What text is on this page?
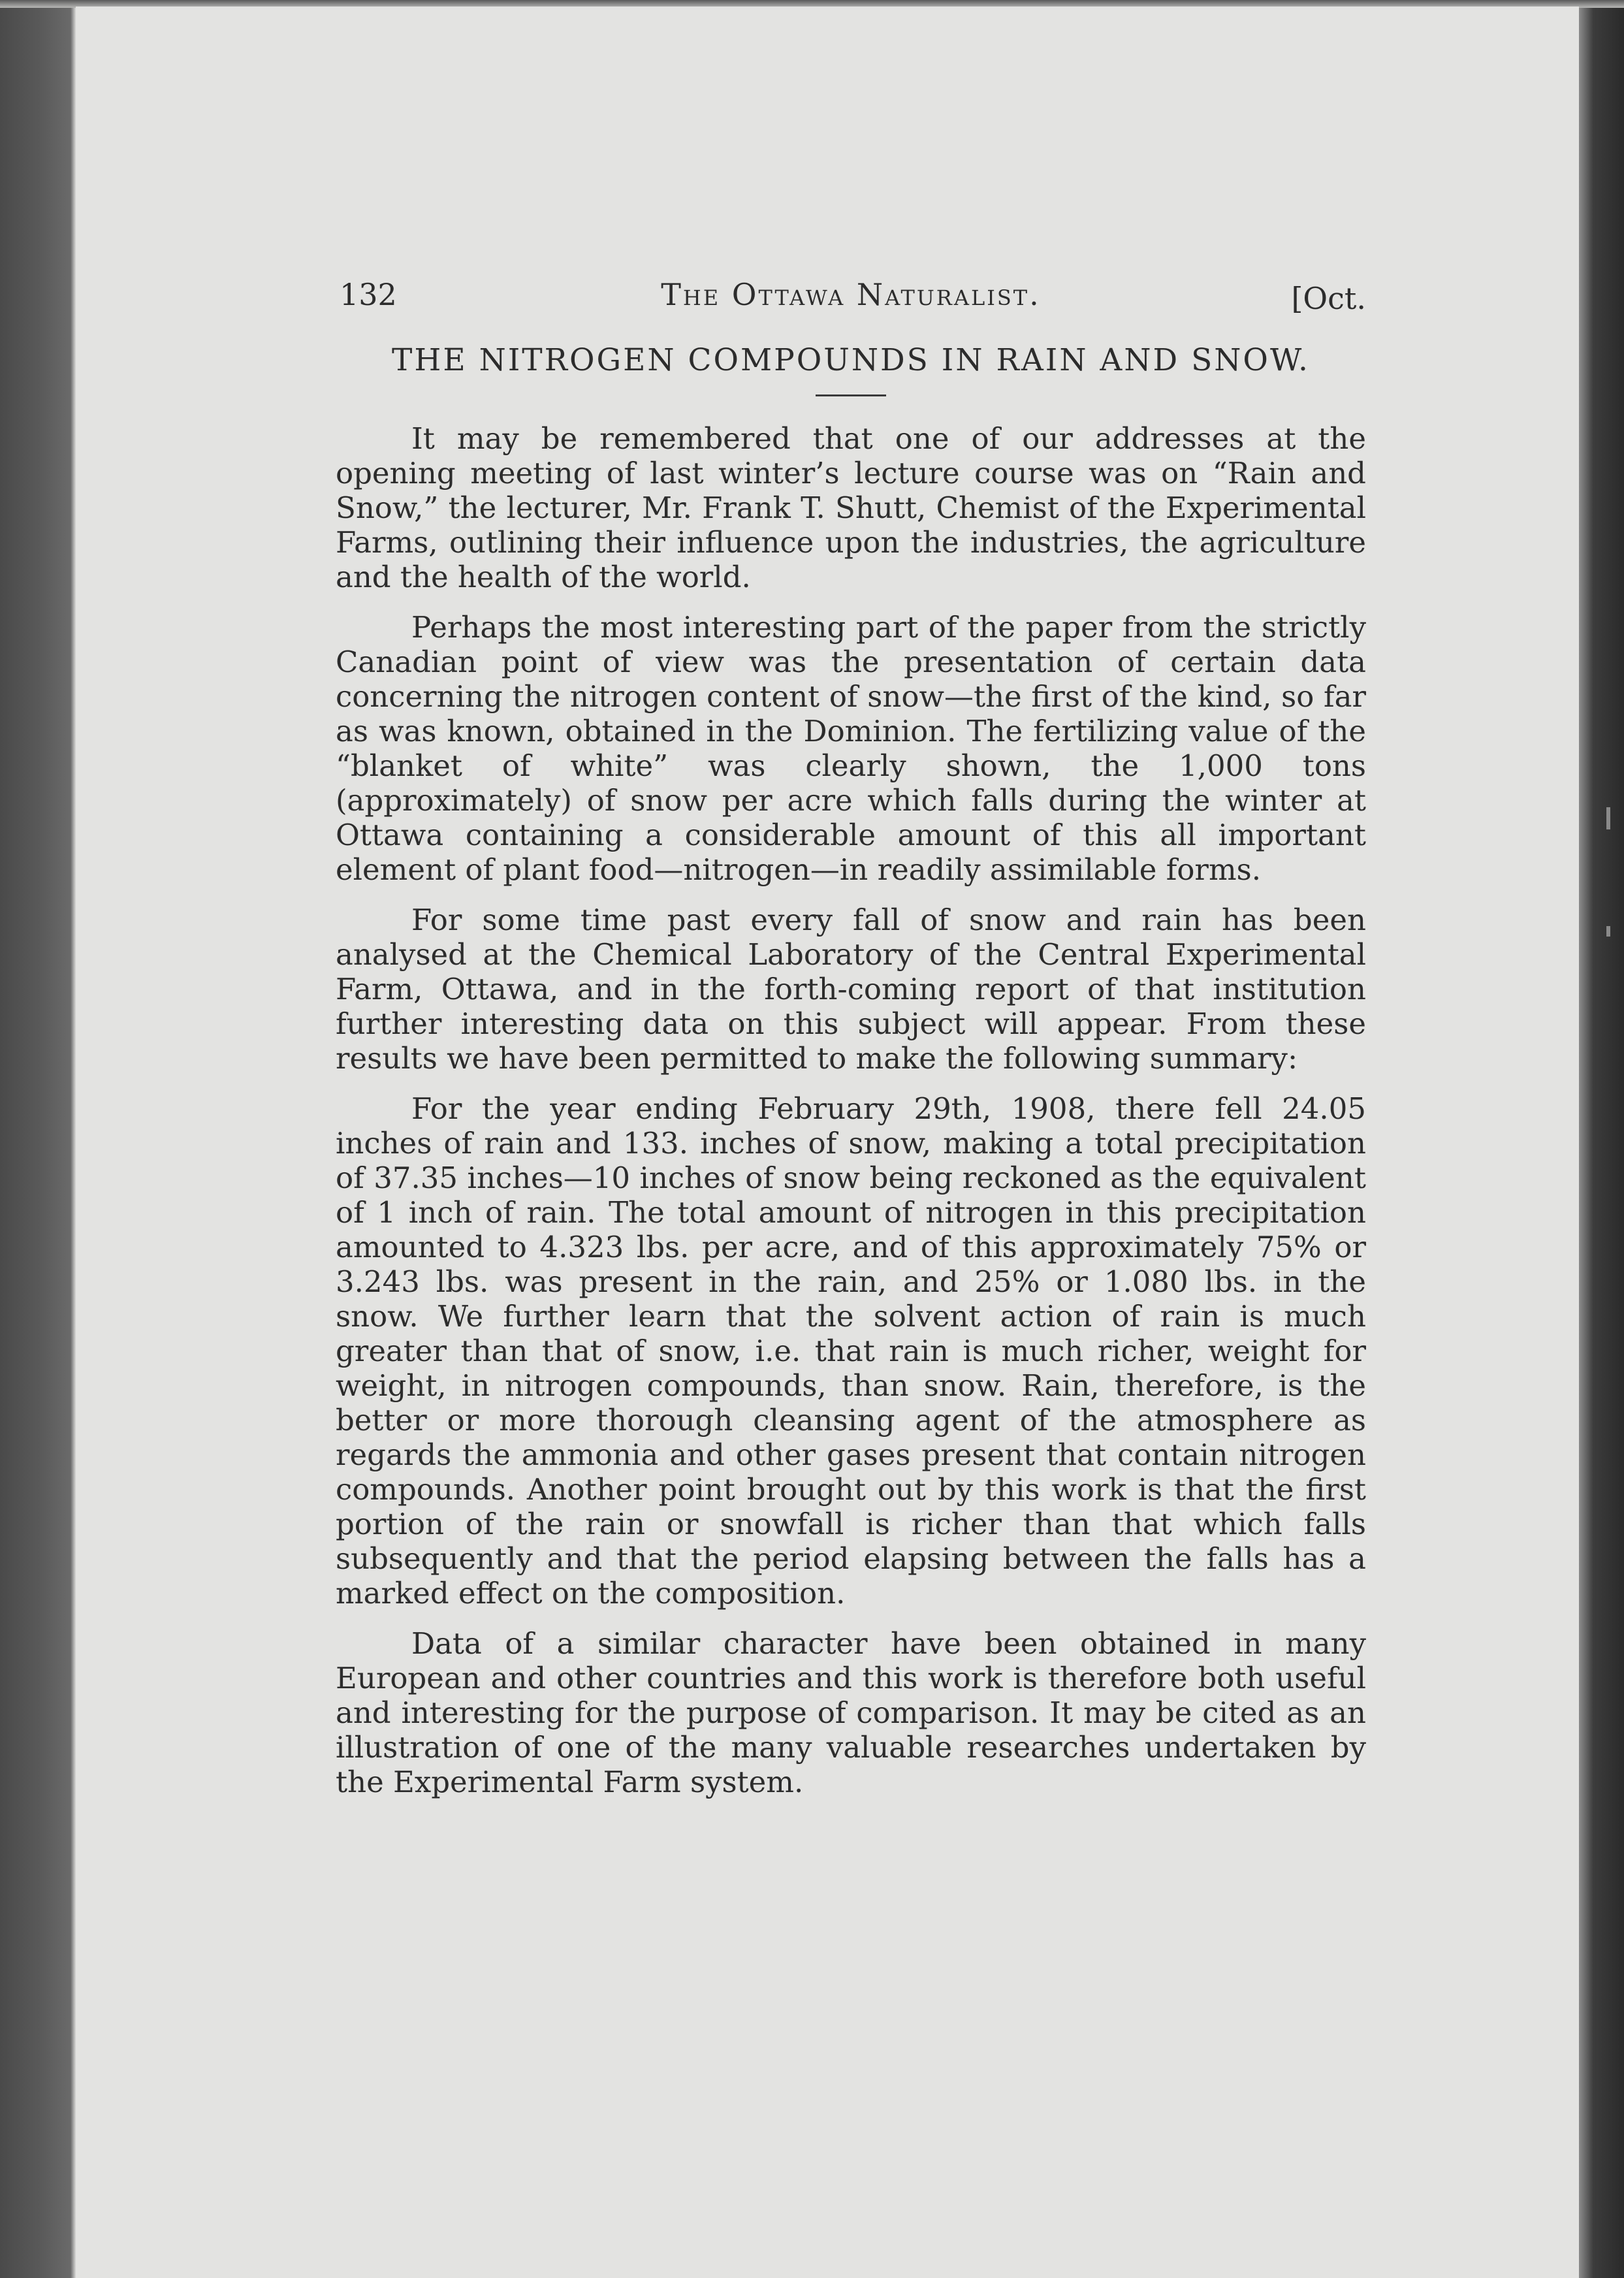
132	The Ottawa Naturalist.	[Oct.
THE NITROGEN COMPOUNDS IN RAIN AND SNOW.

It may be remembered that one of our addresses at the opening meeting of last winter’s lecture course was on “Rain and Snow,” the lecturer, Mr. Frank T. Shutt, Chemist of the Experimental Farms, outlining their influence upon the industries, the agriculture and the health of the world.

Perhaps the most interesting part of the paper from the strictly Canadian point of view was the presentation of certain data concerning the nitrogen content of snow—the first of the kind, so far as was known, obtained in the Dominion. The fertilizing value of the “blanket of white” was clearly shown, the 1,000 tons (approximately) of snow per acre which falls during the winter at Ottawa containing a considerable amount of this all important element of plant food—nitrogen—in readily assimilable forms.

For some time past every fall of snow and rain has been analysed at the Chemical Laboratory of the Central Experimental Farm, Ottawa, and in the forth-coming report of that institution further interesting data on this subject will appear. From these results we have been permitted to make the following summary:

For the year ending February 29th, 1908, there fell 24.05 inches of rain and 133. inches of snow, making a total precipitation of 37.35 inches—10 inches of snow being reckoned as the equivalent of 1 inch of rain. The total amount of nitrogen in this precipitation amounted to 4.323 lbs. per acre, and of this approximately 75% or 3.243 lbs. was present in the rain, and 25% or 1.080 lbs. in the snow. We further learn that the solvent action of rain is much greater than that of snow, i.e. that rain is much richer, weight for weight, in nitrogen compounds, than snow. Rain, therefore, is the better or more thorough cleansing agent of the atmosphere as regards the ammonia and other gases present that contain nitrogen compounds. Another point brought out by this work is that the first portion of the rain or snowfall is richer than that which falls subsequently and that the period elapsing between the falls has a marked effect on the composition.

Data of a similar character have been obtained in many European and other countries and this work is therefore both useful and interesting for the purpose of comparison. It may be cited as an illustration of one of the many valuable researches undertaken by the Experimental Farm system.
